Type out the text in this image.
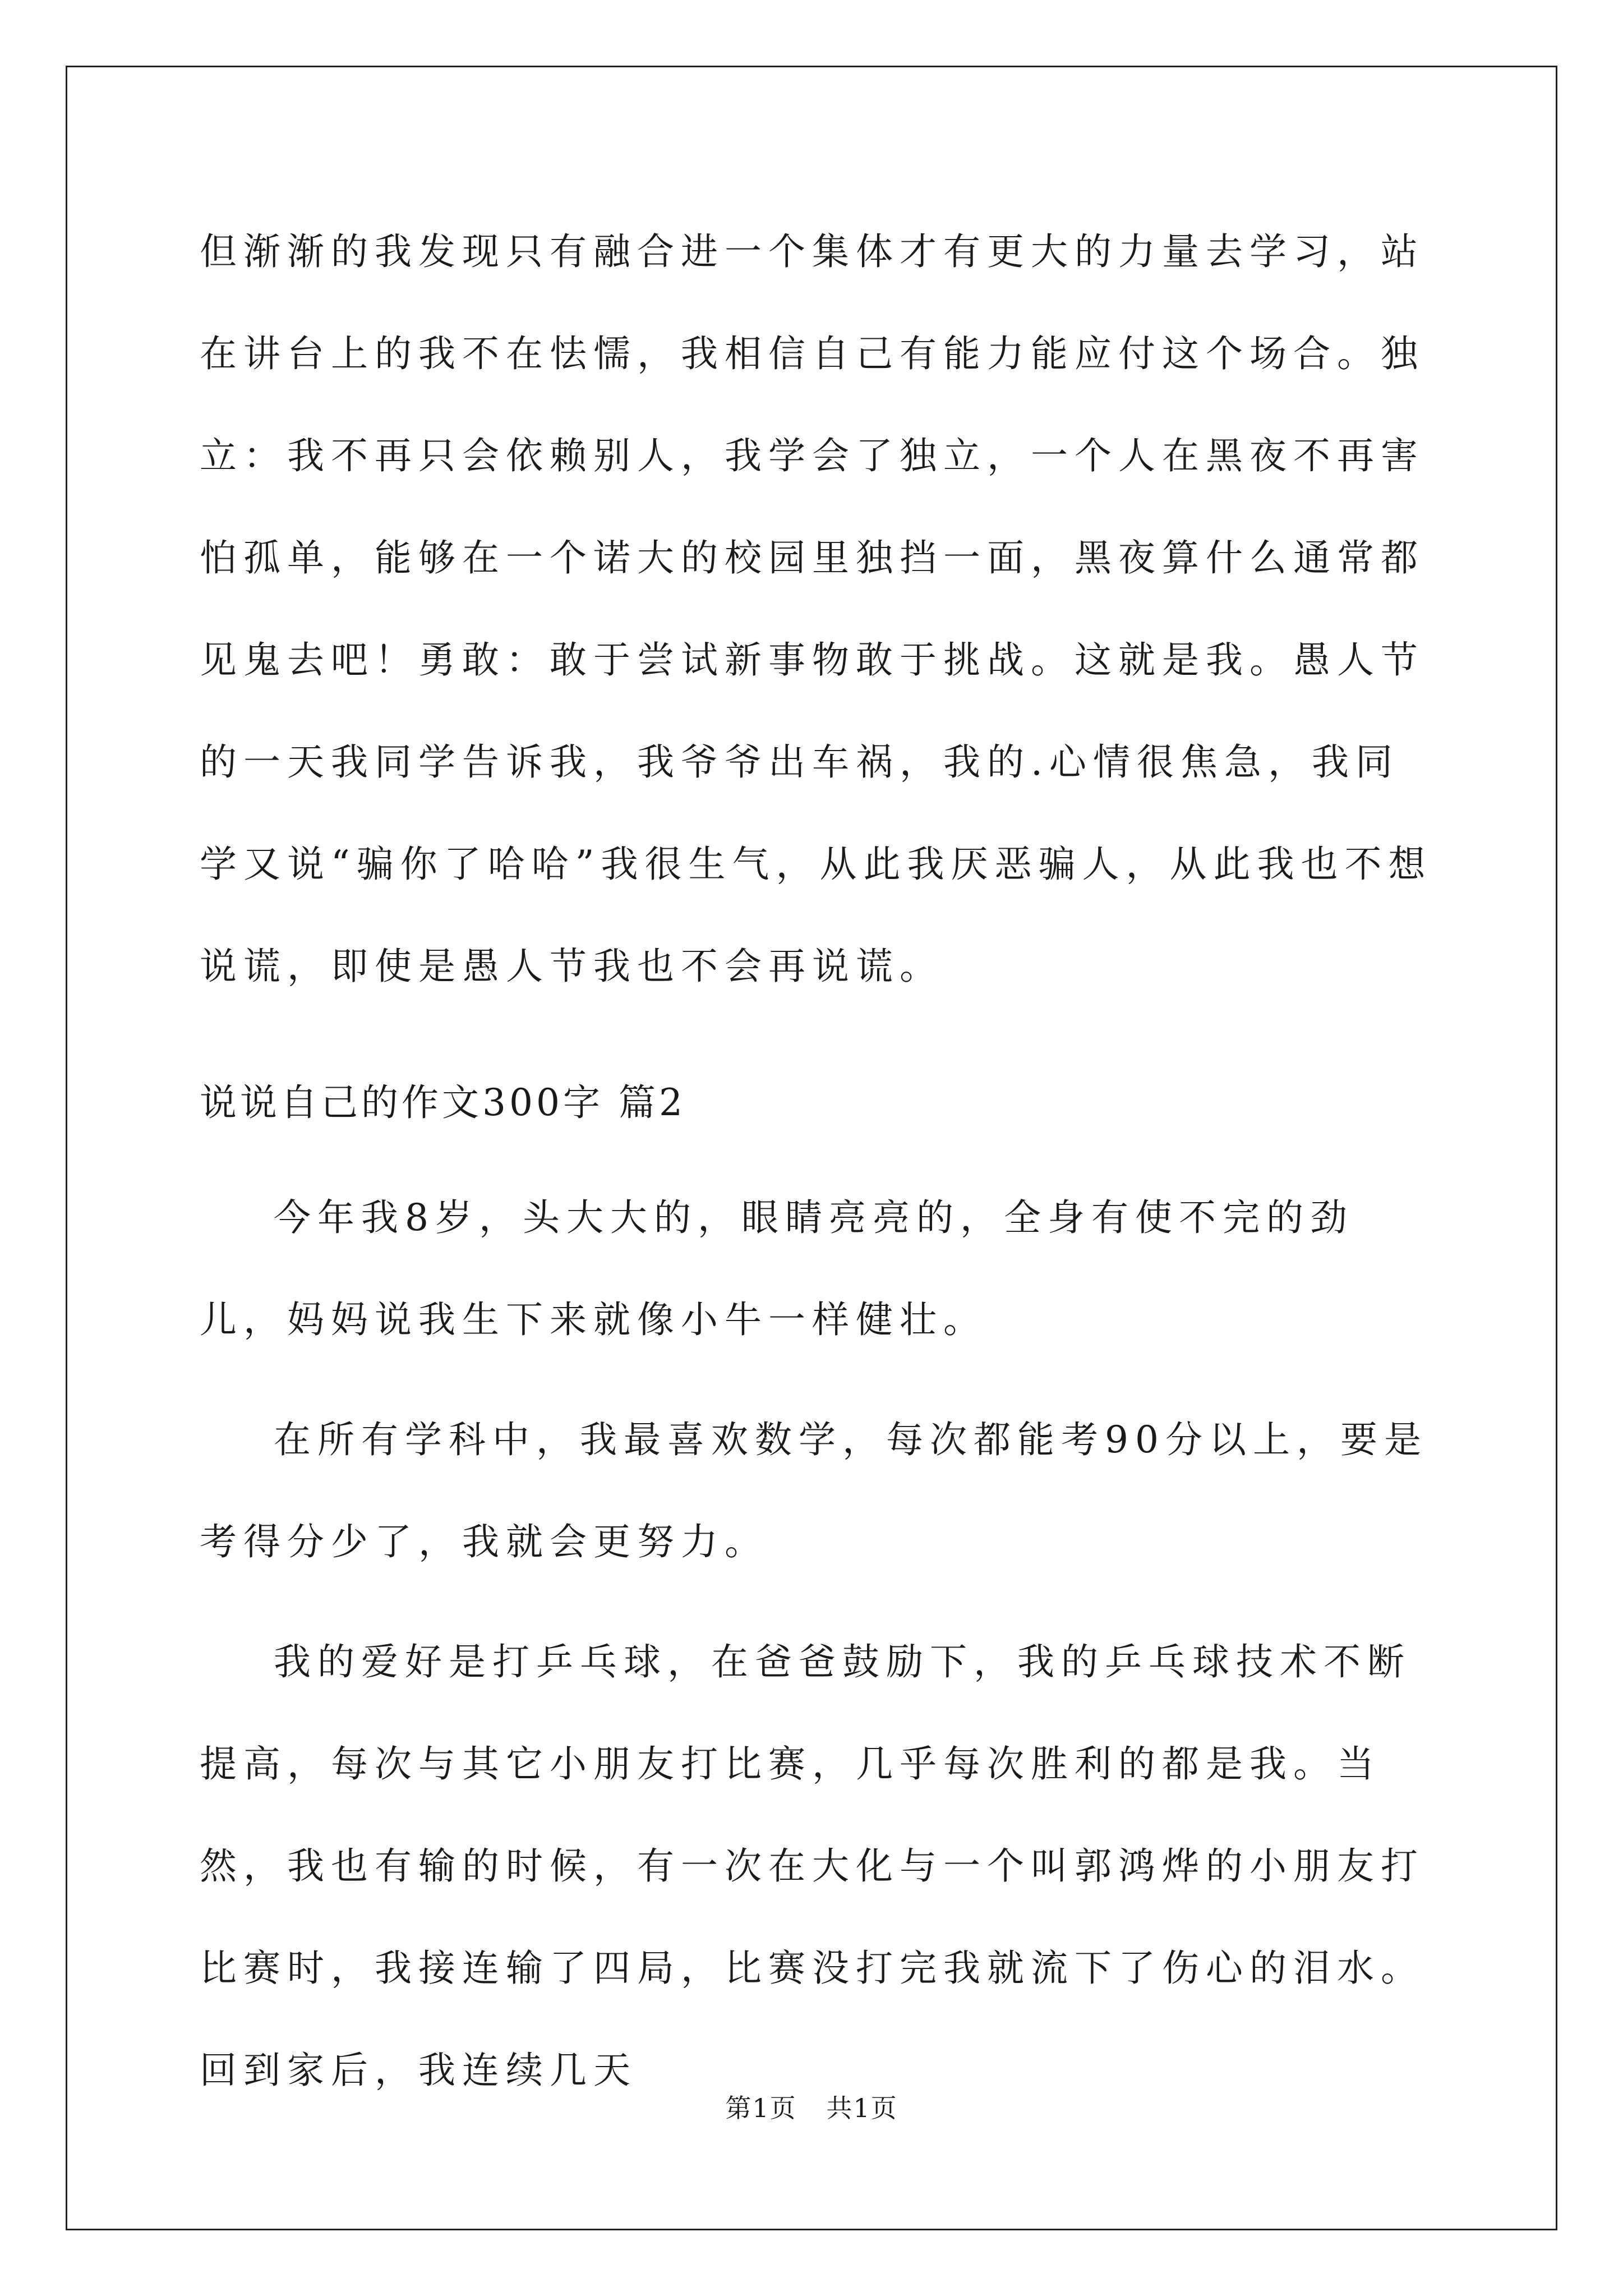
但渐渐的我发现只有融合进一个集体才有更大的力量去学习，站在讲台上的我不在怯懦，我相信自己有能力能应付这个场合。独立：我不再只会依赖别人，我学会了独立，一个人在黑夜不再害怕孤单，能够在一个诺大的校园里独挡一面，黑夜算什么通常都见鬼去吧！勇敢：敢于尝试新事物敢于挑战。这就是我。愚人节的一天我同学告诉我，我爷爷出车祸，我的.心情很焦急，我同学又说“骗你了哈哈”我很生气，从此我厌恶骗人，从此我也不想说谎，即使是愚人节我也不会再说谎。

说说自己的作文300字 篇2

今年我8岁，头大大的，眼睛亮亮的，全身有使不完的劲儿，妈妈说我生下来就像小牛一样健壮。

在所有学科中，我最喜欢数学，每次都能考90分以上，要是考得分少了，我就会更努力。

我的爱好是打乒乓球，在爸爸鼓励下，我的乒乓球技术不断提高，每次与其它小朋友打比赛，几乎每次胜利的都是我。当然，我也有输的时候，有一次在大化与一个叫郭鸿烨的小朋友打比赛时，我接连输了四局，比赛没打完我就流下了伤心的泪水。回到家后，我连续几天

第1页 共1页
